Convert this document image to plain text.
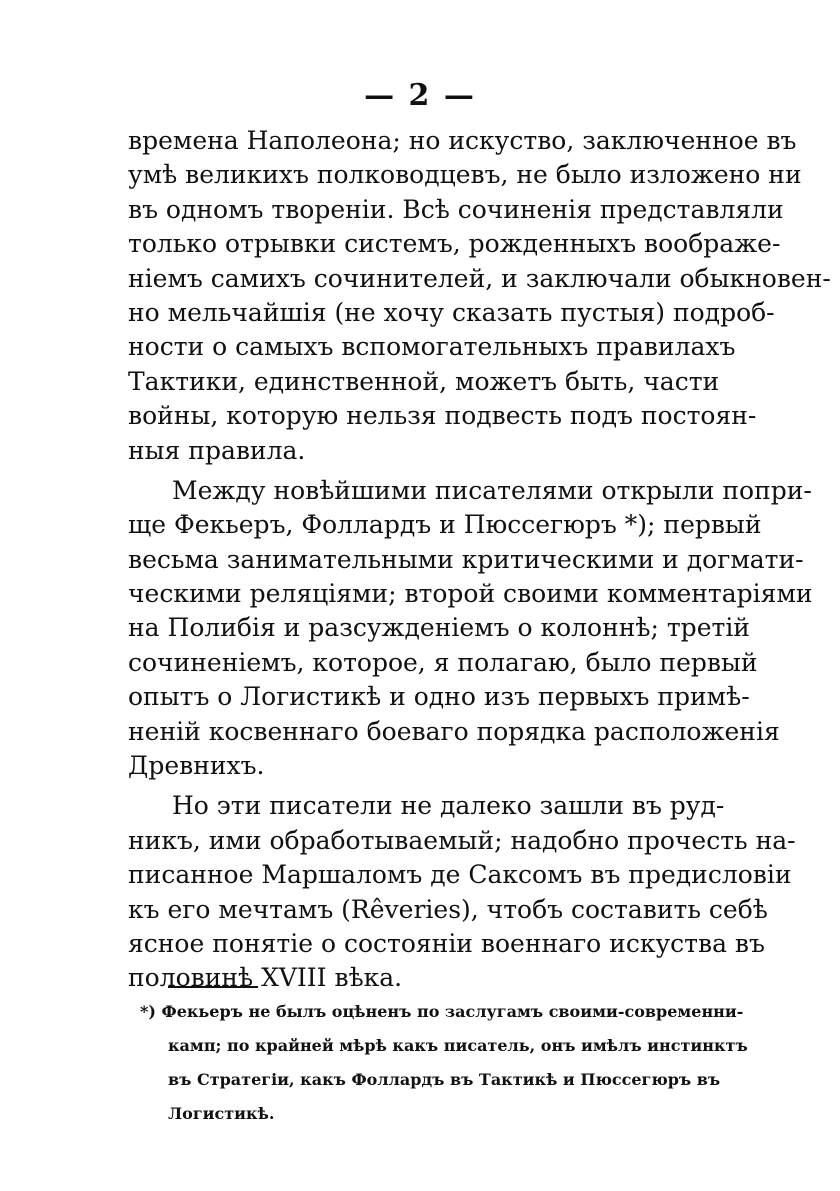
— 2 —
времена Наполеона; но искуство, заключенное въ
умѣ великихъ полководцевъ, не было изложено ни
въ одномъ твореніи. Всѣ сочиненія представляли
только отрывки системъ, рожденныхъ воображе-
ніемъ самихъ сочинителей, и заключали обыкновен-
но мельчайшія (не хочу сказать пустыя) подроб-
ности о самыхъ вспомогательныхъ правилахъ
Тактики, единственной, можетъ быть, части
войны, которую нельзя подвесть подъ постоян-
ныя правила.
Между новѣйшими писателями открыли попри-
ще Фекьеръ, Фоллардъ и Пюссегюръ *); первый
весьма занимательными критическими и догмати-
ческими реляціями; второй своими комментаріями
на Полибія и разсужденіемъ о колоннѣ; третій
сочиненіемъ, которое, я полагаю, было первый
опытъ о Логистикѣ и одно изъ первыхъ примѣ-
неній косвеннаго боеваго порядка расположенія
Древнихъ.
Но эти писатели не далеко зашли въ руд-
никъ, ими обработываемый; надобно прочесть на-
писанное Маршаломъ де Саксомъ въ предисловіи
къ его мечтамъ (Rêveries), чтобъ составить себѣ
ясное понятіе о состояніи военнаго искуства въ
половинѣ XVIII вѣка.
*) Фекьеръ не былъ оцѣненъ по заслугамъ своими-современни-
камп; по крайней мѣрѣ какъ писатель, онъ имѣлъ инстинктъ
въ Стратегіи, какъ Фоллардъ въ Тактикѣ и Пюссегюръ въ
Логистикѣ.
